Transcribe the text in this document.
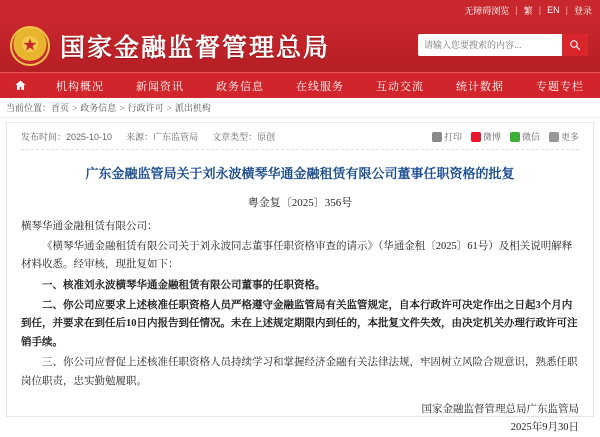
无障碍浏览 | 繁 | EN | 登录
★
国家金融监督管理总局
请输入您要搜索的内容...
机构概况	新闻资讯	政务信息	在线服务	互动交流	统计数据	专题专栏
当前位置： 首页 > 政务信息 > 行政许可 > 派出机构
发布时间：2025-10-10 来源：广东监管局 文章类型：原创	打印 微博 微信 更多
广东金融监管局关于刘永波横琴华通金融租赁有限公司董事任职资格的批复
粤金复〔2025〕356号

横琴华通金融租赁有限公司：

《横琴华通金融租赁有限公司关于刘永波同志董事任职资格审查的请示》（华通金租〔2025〕61号）及相关说明解释材料收悉。经审核，现批复如下：

一、核准刘永波横琴华通金融租赁有限公司董事的任职资格。

二、你公司应要求上述核准任职资格人员严格遵守金融监管局有关监管规定，自本行政许可决定作出之日起3个月内到任，并要求在到任后10日内报告到任情况。未在上述规定期限内到任的，本批复文件失效，由决定机关办理行政许可注销手续。

三、你公司应督促上述核准任职资格人员持续学习和掌握经济金融有关法律法规，牢固树立风险合规意识，熟悉任职岗位职责，忠实勤勉履职。

国家金融监督管理总局广东监管局
2025年9月30日
